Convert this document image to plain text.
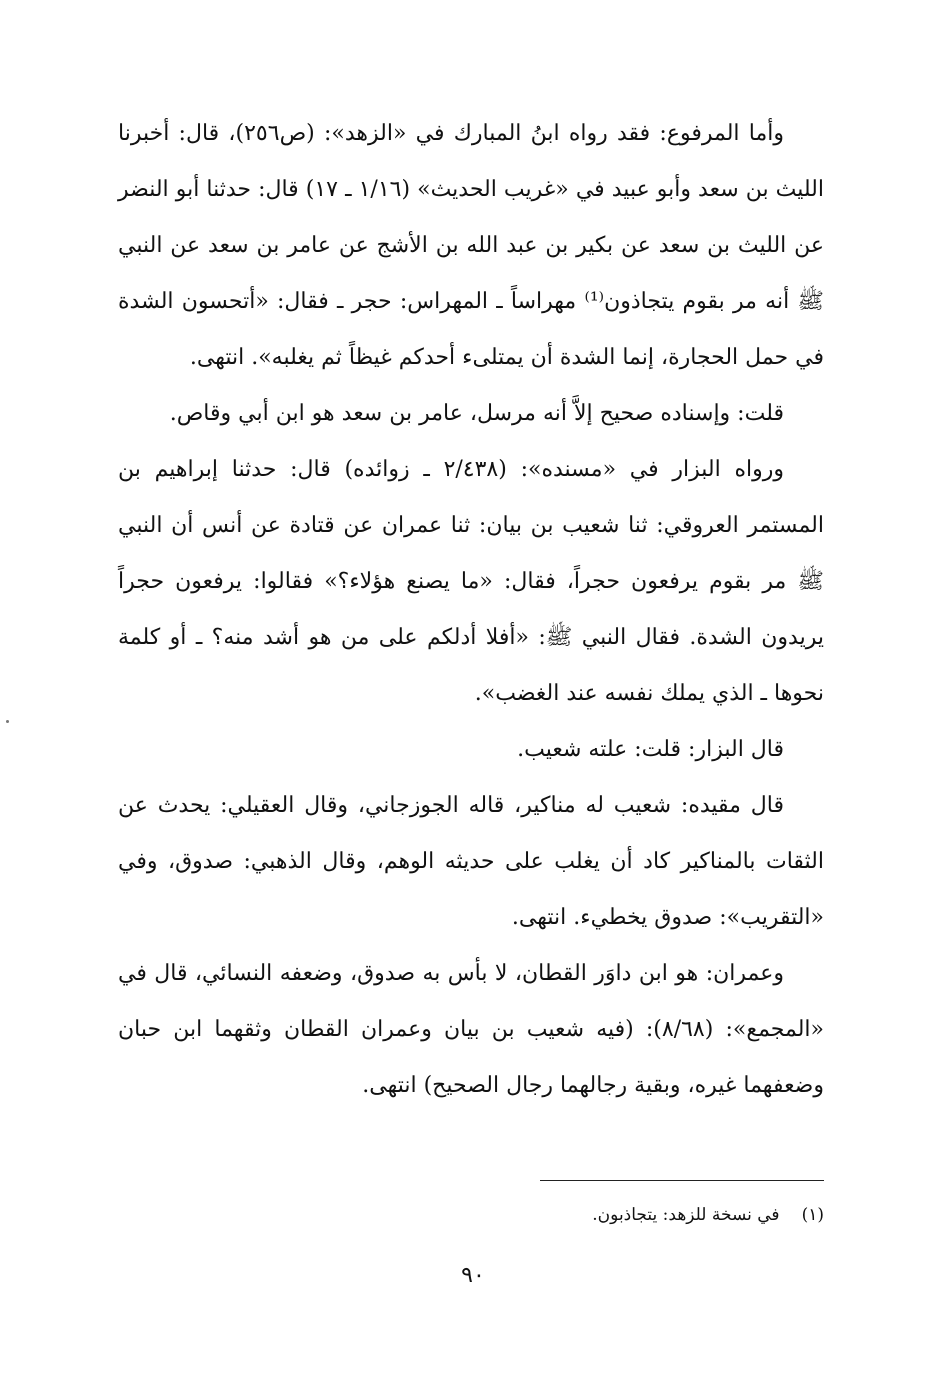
وأما المرفوع: فقد رواه ابنُ المبارك في «الزهد»: (ص٢٥٦)، قال: أخبرنا الليث بن سعد وأبو عبيد في «غريب الحديث» (١/١٦ ـ ١٧) قال: حدثنا أبو النضر عن الليث بن سعد عن بكير بن عبد الله بن الأشج عن عامر بن سعد عن النبي ﷺ أنه مر بقوم يتجاذون⁽¹⁾ مهراساً ـ المهراس: حجر ـ فقال: «أتحسون الشدة في حمل الحجارة، إنما الشدة أن يمتلىء أحدكم غيظاً ثم يغلبه». انتهى.

قلت: وإسناده صحيح إلاَّ أنه مرسل، عامر بن سعد هو ابن أبي وقاص.

ورواه البزار في «مسنده»: (٢/٤٣٨ ـ زوائده) قال: حدثنا إبراهيم بن المستمر العروقي: ثنا شعيب بن بيان: ثنا عمران عن قتادة عن أنس أن النبي ﷺ مر بقوم يرفعون حجراً، فقال: «ما يصنع هؤلاء؟» فقالوا: يرفعون حجراً يريدون الشدة. فقال النبي ﷺ: «أفلا أدلكم على من هو أشد منه؟ ـ أو كلمة نحوها ـ الذي يملك نفسه عند الغضب».

قال البزار: قلت: علته شعيب.

قال مقيده: شعيب له مناكير، قاله الجوزجاني، وقال العقيلي: يحدث عن الثقات بالمناكير كاد أن يغلب على حديثه الوهم، وقال الذهبي: صدوق، وفي «التقريب»: صدوق يخطيء. انتهى.

وعمران: هو ابن داوَر القطان، لا بأس به صدوق، وضعفه النسائي، قال في «المجمع»: (٨/٦٨): (فيه شعيب بن بيان وعمران القطان وثقهما ابن حبان وضعفهما غيره، وبقية رجالهما رجال الصحيح) انتهى.

(١)في نسخة للزهد: يتجاذبون.
٩٠
